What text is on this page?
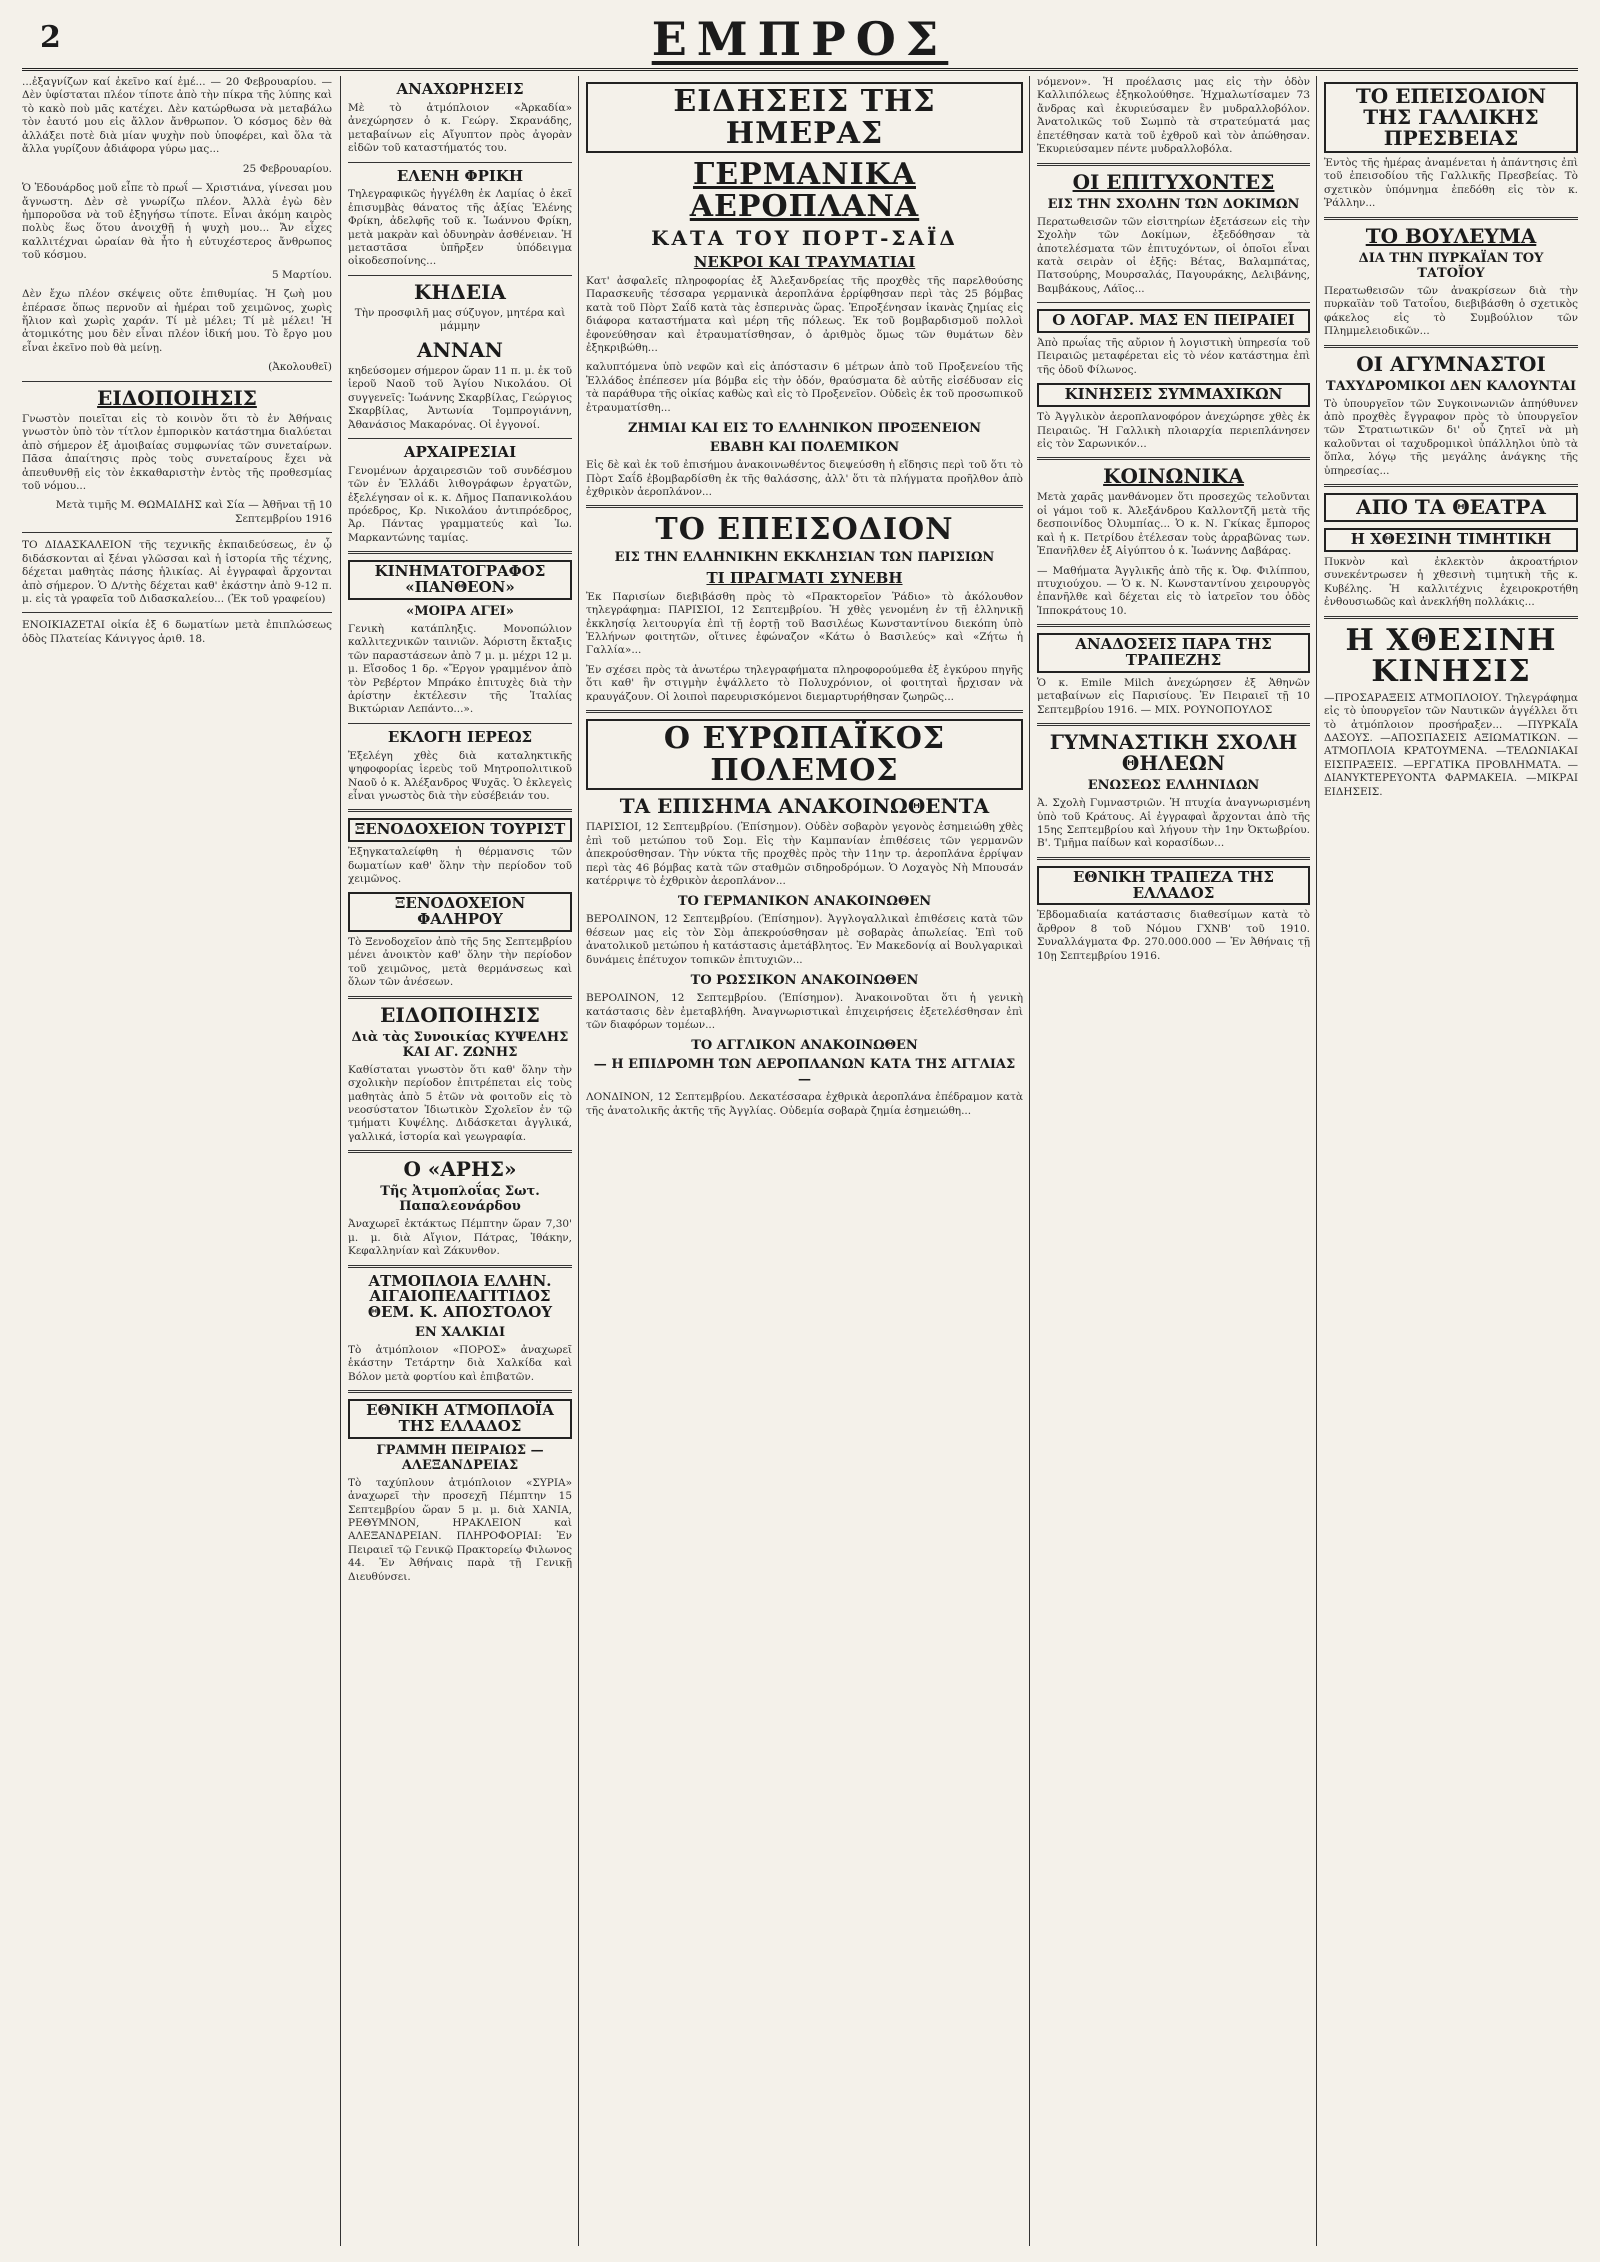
2	ΕΜΠΡΟΣ

...ἐξαγνίζων καί ἐκεῖνο καί ἐμέ... — 20 Φεβρουαρίου. — Δὲν ὑφίσταται πλέον τίποτε ἀπὸ τὴν πίκρα τῆς λύπης καὶ τὸ κακὸ ποὺ μᾶς κατέχει. Δὲν κατώρθωσα νὰ μεταβάλω τὸν ἑαυτό μου εἰς ἄλλον ἄνθρωπον. Ὁ κόσμος δὲν θὰ ἀλλάξει ποτὲ διὰ μίαν ψυχὴν ποὺ ὑποφέρει, καὶ ὅλα τὰ ἄλλα γυρίζουν ἀδιάφορα γύρω μας...

25 Φεβρουαρίου.

Ὁ Ἐδουάρδος μοῦ εἶπε τὸ πρωΐ — Χριστιάνα, γίνεσαι μου ἄγνωστη. Δὲν σὲ γνωρίζω πλέον. Ἀλλὰ ἐγὼ δὲν ἠμποροῦσα νὰ τοῦ ἐξηγήσω τίποτε. Εἶναι ἀκόμη καιρὸς πολὺς ἕως ὅτου ἀνοιχθῇ ἡ ψυχὴ μου... Ἄν εἶχες καλλιτέχναι ὠραίαν θὰ ἦτο ἡ εὐτυχέστερος ἄνθρωπος τοῦ κόσμου.

5 Μαρτίου.

Δὲν ἔχω πλέον σκέψεις οὔτε ἐπιθυμίας. Ἡ ζωὴ μου ἐπέρασε ὅπως περνοῦν αἱ ἡμέραι τοῦ χειμῶνος, χωρὶς ἥλιον καὶ χωρὶς χαράν. Τί μὲ μέλει; Τί μὲ μέλει! Ἡ ἀτομικότης μου δὲν εἶναι πλέον ἰδική μου. Τὸ ἔργο μου εἶναι ἐκεῖνο ποὺ θὰ μείνῃ.

(Ἀκολουθεῖ)

ΕΙΔΟΠΟΙΗΣΙΣ

Γνωστὸν ποιεῖται εἰς τὸ κοινὸν ὅτι τὸ ἐν Ἀθήναις γνωστὸν ὑπὸ τὸν τίτλον ἐμπορικὸν κατάστημα διαλύεται ἀπὸ σήμερον ἐξ ἀμοιβαίας συμφωνίας τῶν συνεταίρων. Πᾶσα ἀπαίτησις πρὸς τοὺς συνεταίρους ἔχει νὰ ἀπευθυνθῇ εἰς τὸν ἐκκαθαριστὴν ἐντὸς τῆς προθεσμίας τοῦ νόμου...

Μετὰ τιμῆς Μ. ΘΩΜΑΙΔΗΣ καὶ Σία — Ἀθῆναι τῇ 10 Σεπτεμβρίου 1916

ΤΟ ΔΙΔΑΣΚΑΛΕΙΟΝ τῆς τεχνικῆς ἐκπαιδεύσεως, ἐν ᾧ διδάσκονται αἱ ξέναι γλῶσσαι καὶ ἡ ἱστορία τῆς τέχνης, δέχεται μαθητὰς πάσης ἡλικίας. Αἱ ἐγγραφαὶ ἄρχονται ἀπὸ σήμερον. Ὁ Δ/ντὴς δέχεται καθ' ἑκάστην ἀπὸ 9-12 π. μ. εἰς τὰ γραφεῖα τοῦ Διδασκαλείου... (Ἐκ τοῦ γραφείου)

ΕΝΟΙΚΙΑΖΕΤΑΙ οἰκία ἐξ 6 δωματίων μετὰ ἐπιπλώσεως ὁδὸς Πλατείας Κάνιγγος ἀριθ. 18.

ΑΝΑΧΩΡΗΣΕΙΣ

Μὲ τὸ ἀτμόπλοιον «Ἀρκαδία» ἀνεχώρησεν ὁ κ. Γεώργ. Σκρανάδης, μεταβαίνων εἰς Αἴγυπτον πρὸς ἀγορὰν εἰδῶν τοῦ καταστήματός του.

ΕΛΕΝΗ ΦΡΙΚΗ

Τηλεγραφικῶς ἠγγέλθη ἐκ Λαμίας ὁ ἐκεῖ ἐπισυμβὰς θάνατος τῆς ἀξίας Ἑλένης Φρίκη, ἀδελφῆς τοῦ κ. Ἰωάννου Φρίκη, μετὰ μακρὰν καὶ ὀδυνηρὰν ἀσθένειαν. Ἡ μεταστᾶσα ὑπῆρξεν ὑπόδειγμα οἰκοδεσποίνης...

ΚΗΔΕΙΑ

Τὴν προσφιλῆ μας σύζυγον, μητέρα καὶ μάμμην

ΑΝΝΑΝ

κηδεύσομεν σήμερον ὥραν 11 π. μ. ἐκ τοῦ ἱεροῦ Ναοῦ τοῦ Ἁγίου Νικολάου. Οἱ συγγενεῖς: Ἰωάννης Σκαρβίλας, Γεώργιος Σκαρβίλας, Ἀντωνία Τομπρογιάννη, Ἀθανάσιος Μακαρόνας. Οἱ ἐγγονοί.

ΑΡΧΑΙΡΕΣΙΑΙ

Γενομένων ἀρχαιρεσιῶν τοῦ συνδέσμου τῶν ἐν Ἑλλάδι λιθογράφων ἐργατῶν, ἐξελέγησαν οἱ κ. κ. Δῆμος Παπανικολάου πρόεδρος, Κρ. Νικολάου ἀντιπρόεδρος, Ἀρ. Πάντας γραμματεύς καὶ Ἰω. Μαρκαντώνης ταμίας.

ΚΙΝΗΜΑΤΟΓΡΑΦΟΣ «ΠΑΝΘΕΟΝ»
«ΜΟΙΡΑ ΑΓΕΙ»

Γενικὴ κατάπληξις. Μονοπώλιον καλλιτεχνικῶν ταινιῶν. Ἀόριστη ἔκταξις τῶν παραστάσεων ἀπὸ 7 μ. μ. μέχρι 12 μ. μ. Εἴσοδος 1 δρ. «Ἔργον γραμμένον ἀπὸ τὸν Ρεβέρτον Μπράκο ἐπιτυχὲς διὰ τὴν ἀρίστην ἐκτέλεσιν τῆς Ἰταλίας Βικτώριαν Λεπάντο...».

ΕΚΛΟΓΗ ΙΕΡΕΩΣ

Ἐξελέγη χθὲς διὰ καταληκτικῆς ψηφοφορίας ἱερεὺς τοῦ Μητροπολιτικοῦ Ναοῦ ὁ κ. Ἀλέξανδρος Ψυχᾶς. Ὁ ἐκλεγεὶς εἶναι γνωστὸς διὰ τὴν εὐσέβειάν του.

ΞΕΝΟΔΟΧΕΙΟΝ ΤΟΥΡΙΣΤ

Ἐξηγκαταλείφθη ἡ θέρμανσις τῶν δωματίων καθ' ὅλην τὴν περίοδον τοῦ χειμῶνος.

ΞΕΝΟΔΟΧΕΙΟΝ ΦΑΛΗΡΟΥ

Τὸ Ξενοδοχεῖον ἀπὸ τῆς 5ης Σεπτεμβρίου μένει ἀνοικτὸν καθ' ὅλην τὴν περίοδον τοῦ χειμῶνος, μετὰ θερμάνσεως καὶ ὅλων τῶν ἀνέσεων.

ΕΙΔΟΠΟΙΗΣΙΣ
Διὰ τὰς Συνοικίας ΚΥΨΕΛΗΣ ΚΑΙ ΑΓ. ΖΩΝΗΣ

Καθίσταται γνωστὸν ὅτι καθ' ὅλην τὴν σχολικὴν περίοδον ἐπιτρέπεται εἰς τοὺς μαθητὰς ἀπὸ 5 ἐτῶν νὰ φοιτοῦν εἰς τὸ νεοσύστατον Ἰδιωτικὸν Σχολεῖον ἐν τῷ τμήματι Κυψέλης. Διδάσκεται ἀγγλικά, γαλλικά, ἱστορία καὶ γεωγραφία.

Ο «ΑΡΗΣ»
Τῆς Ἀτμοπλοΐας Σωτ. Παπαλεονάρδου

Ἀναχωρεῖ ἐκτάκτως Πέμπτην ὥραν 7,30' μ. μ. διὰ Αἴγιον, Πάτρας, Ἰθάκην, Κεφαλληνίαν καὶ Ζάκυνθον.

ΑΤΜΟΠΛΟΙΑ ΕΛΛΗΝ. ΑΙΓΑΙΟΠΕΛΑΓΙΤΙΔΟΣ ΘΕΜ. Κ. ΑΠΟΣΤΟΛΟΥ
ΕΝ ΧΑΛΚΙΔΙ

Τὸ ἀτμόπλοιον «ΠΟΡΟΣ» ἀναχωρεῖ ἑκάστην Τετάρτην διὰ Χαλκίδα καὶ Βόλον μετὰ φορτίου καὶ ἐπιβατῶν.

ΕΘΝΙΚΗ ΑΤΜΟΠΛΟΪΑ ΤΗΣ ΕΛΛΑΔΟΣ
ΓΡΑΜΜΗ ΠΕΙΡΑΙΩΣ — ΑΛΕΞΑΝΔΡΕΙΑΣ

Τὸ ταχύπλουν ἀτμόπλοιον «ΣΥΡΙΑ» ἀναχωρεῖ τὴν προσεχῆ Πέμπτην 15 Σεπτεμβρίου ὥραν 5 μ. μ. διὰ ΧΑΝΙΑ, ΡΕΘΥΜΝΟΝ, ΗΡΑΚΛΕΙΟΝ καὶ ΑΛΕΞΑΝΔΡΕΙΑΝ. ΠΛΗΡΟΦΟΡΙΑΙ: Ἐν Πειραιεῖ τῷ Γενικῷ Πρακτορείῳ Φιλωνος 44. Ἐν Ἀθήναις παρὰ τῇ Γενικῇ Διευθύνσει.

ΕΙΔΗΣΕΙΣ ΤΗΣ ΗΜΕΡΑΣ
ΓΕΡΜΑΝΙΚΑ ΑΕΡΟΠΛΑΝΑ
ΚΑΤΑ ΤΟΥ ΠΟΡΤ-ΣΑΪΔ
ΝΕΚΡΟΙ ΚΑΙ ΤΡΑΥΜΑΤΙΑΙ

Κατ' ἀσφαλεῖς πληροφορίας ἐξ Ἀλεξανδρείας τῆς προχθὲς τῆς παρελθούσης Παρασκευῆς τέσσαρα γερμανικὰ ἀεροπλάνα ἐρρίφθησαν περὶ τὰς 25 βόμβας κατὰ τοῦ Πὸρτ Σαΐδ κατὰ τὰς ἐσπερινὰς ὥρας. Ἐπροξένησαν ἱκανὰς ζημίας εἰς διάφορα καταστήματα καὶ μέρη τῆς πόλεως. Ἐκ τοῦ βομβαρδισμοῦ πολλοὶ ἐφονεύθησαν καὶ ἐτραυματίσθησαν, ὁ ἀριθμὸς ὅμως τῶν θυμάτων δὲν ἐξηκριβώθη...

καλυπτόμενα ὑπὸ νεφῶν καὶ εἰς ἀπόστασιν 6 μέτρων ἀπὸ τοῦ Προξενείου τῆς Ἑλλάδος ἐπέπεσεν μία βόμβα εἰς τὴν ὁδόν, θραύσματα δὲ αὐτῆς εἰσέδυσαν εἰς τὰ παράθυρα τῆς οἰκίας καθὼς καὶ εἰς τὸ Προξενεῖον. Οὐδεὶς ἐκ τοῦ προσωπικοῦ ἐτραυματίσθη...

ΖΗΜΙΑΙ ΚΑΙ ΕΙΣ ΤΟ ΕΛΛΗΝΙΚΟΝ ΠΡΟΞΕΝΕΙΟΝ
ΕΒΑΒΗ ΚΑΙ ΠΟΛΕΜΙΚΟΝ

Εἰς δὲ καὶ ἐκ τοῦ ἐπισήμου ἀνακοινωθέντος διεψεύσθη ἡ εἴδησις περὶ τοῦ ὅτι τὸ Πὸρτ Σαΐδ ἐβομβαρδίσθη ἐκ τῆς θαλάσσης, ἀλλ' ὅτι τὰ πλήγματα προῆλθον ἀπὸ ἐχθρικὸν ἀεροπλάνον...

ΤΟ ΕΠΕΙΣΟΔΙΟΝ
ΕΙΣ ΤΗΝ ΕΛΛΗΝΙΚΗΝ ΕΚΚΛΗΣΙΑΝ ΤΩΝ ΠΑΡΙΣΙΩΝ
ΤΙ ΠΡΑΓΜΑΤΙ ΣΥΝΕΒΗ

Ἐκ Παρισίων διεβιβάσθη πρὸς τὸ «Πρακτορεῖον Ῥάδιο» τὸ ἀκόλουθον τηλεγράφημα: ΠΑΡΙΣΙΟΙ, 12 Σεπτεμβρίου. Ἡ χθὲς γενομένη ἐν τῇ ἑλληνικῇ ἐκκλησίᾳ λειτουργία ἐπὶ τῇ ἑορτῇ τοῦ Βασιλέως Κωνσταντίνου διεκόπη ὑπὸ Ἑλλήνων φοιτητῶν, οἵτινες ἐφώναζον «Κάτω ὁ Βασιλεύς» καὶ «Ζήτω ἡ Γαλλία»...

Ἐν σχέσει πρὸς τὰ ἀνωτέρω τηλεγραφήματα πληροφορούμεθα ἐξ ἐγκύρου πηγῆς ὅτι καθ' ἣν στιγμὴν ἐψάλλετο τὸ Πολυχρόνιον, οἱ φοιτηταὶ ἤρχισαν νὰ κραυγάζουν. Οἱ λοιποὶ παρευρισκόμενοι διεμαρτυρήθησαν ζωηρῶς...

Ο ΕΥΡΩΠΑΪΚΟΣ ΠΟΛΕΜΟΣ
ΤΑ ΕΠΙΣΗΜΑ ΑΝΑΚΟΙΝΩΘΕΝΤΑ

ΠΑΡΙΣΙΟΙ, 12 Σεπτεμβρίου. (Ἐπίσημον). Οὐδὲν σοβαρὸν γεγονὸς ἐσημειώθη χθὲς ἐπὶ τοῦ μετώπου τοῦ Σομ. Εἰς τὴν Καμπανίαν ἐπιθέσεις τῶν γερμανῶν ἀπεκρούσθησαν. Τὴν νύκτα τῆς προχθὲς πρὸς τὴν 11ην τρ. ἀεροπλάνα ἐρρίψαν περὶ τὰς 46 βόμβας κατὰ τῶν σταθμῶν σιδηροδρόμων. Ὁ Λοχαγὸς Νὴ Μπουσάν κατέρριψε τὸ ἐχθρικὸν ἀεροπλάνον...

ΤΟ ΓΕΡΜΑΝΙΚΟΝ ΑΝΑΚΟΙΝΩΘΕΝ

ΒΕΡΟΛΙΝΟΝ, 12 Σεπτεμβρίου. (Ἐπίσημον). Ἀγγλογαλλικαὶ ἐπιθέσεις κατὰ τῶν θέσεων μας εἰς τὸν Σὸμ ἀπεκρούσθησαν μὲ σοβαρὰς ἀπωλείας. Ἐπὶ τοῦ ἀνατολικοῦ μετώπου ἡ κατάστασις ἀμετάβλητος. Ἐν Μακεδονίᾳ αἱ Βουλγαρικαὶ δυνάμεις ἐπέτυχον τοπικῶν ἐπιτυχιῶν...

ΤΟ ΡΩΣΣΙΚΟΝ ΑΝΑΚΟΙΝΩΘΕΝ

ΒΕΡΟΛΙΝΟΝ, 12 Σεπτεμβρίου. (Ἐπίσημον). Ἀνακοινοῦται ὅτι ἡ γενικὴ κατάστασις δὲν ἐμεταβλήθη. Ἀναγνωριστικαὶ ἐπιχειρήσεις ἐξετελέσθησαν ἐπὶ τῶν διαφόρων τομέων...

ΤΟ ΑΓΓΛΙΚΟΝ ΑΝΑΚΟΙΝΩΘΕΝ
— Η ΕΠΙΔΡΟΜΗ ΤΩΝ ΑΕΡΟΠΛΑΝΩΝ ΚΑΤΑ ΤΗΣ ΑΓΓΛΙΑΣ —

ΛΟΝΔΙΝΟΝ, 12 Σεπτεμβρίου. Δεκατέσσαρα ἐχθρικὰ ἀεροπλάνα ἐπέδραμον κατὰ τῆς ἀνατολικῆς ἀκτῆς τῆς Ἀγγλίας. Οὐδεμία σοβαρὰ ζημία ἐσημειώθη...

νόμενον». Ἡ προέλασις μας εἰς τὴν ὁδὸν Καλλιπόλεως ἐξηκολούθησε. Ἠχμαλωτίσαμεν 73 ἄνδρας καὶ ἐκυριεύσαμεν ἓν μυδραλλοβόλον. Ἀνατολικῶς τοῦ Σωμπὸ τὰ στρατεύματά μας ἐπετέθησαν κατὰ τοῦ ἐχθροῦ καὶ τὸν ἀπώθησαν. Ἐκυριεύσαμεν πέντε μυδραλλοβόλα.

ΟΙ ΕΠΙΤΥΧΟΝΤΕΣ
ΕΙΣ ΤΗΝ ΣΧΟΛΗΝ ΤΩΝ ΔΟΚΙΜΩΝ

Περατωθεισῶν τῶν εἰσιτηρίων ἐξετάσεων εἰς τὴν Σχολὴν τῶν Δοκίμων, ἐξεδόθησαν τὰ ἀποτελέσματα τῶν ἐπιτυχόντων, οἱ ὁποῖοι εἶναι κατὰ σειρὰν οἱ ἑξῆς: Βέτας, Βαλαμπάτας, Πατσούρης, Μουρσαλάς, Παγουράκης, Δελιβάνης, Βαμβάκους, Λάϊος...

Ο ΛΟΓΑΡ. ΜΑΣ ΕΝ ΠΕΙΡΑΙΕΙ

Ἀπὸ πρωΐας τῆς αὔριον ἡ λογιστικὴ ὑπηρεσία τοῦ Πειραιῶς μεταφέρεται εἰς τὸ νέον κατάστημα ἐπὶ τῆς ὁδοῦ Φίλωνος.

ΚΙΝΗΣΕΙΣ ΣΥΜΜΑΧΙΚΩΝ

Τὸ Ἀγγλικὸν ἀεροπλανοφόρον ἀνεχώρησε χθὲς ἐκ Πειραιῶς. Ἡ Γαλλικὴ πλοιαρχία περιεπλάνησεν εἰς τὸν Σαρωνικόν...

ΚΟΙΝΩΝΙΚΑ

Μετὰ χαρᾶς μανθάνομεν ὅτι προσεχῶς τελοῦνται οἱ γάμοι τοῦ κ. Ἀλεξάνδρου Καλλοντζῆ μετὰ τῆς δεσποινίδος Ὀλυμπίας... Ὁ κ. Ν. Γκίκας ἔμπορος καὶ ἡ κ. Πετρίδου ἐτέλεσαν τοὺς ἀρραβῶνας των. Ἐπανῆλθεν ἐξ Αἰγύπτου ὁ κ. Ἰωάννης Δαβάρας.

— Μαθήματα Ἀγγλικῆς ἀπὸ τῆς κ. Ὀφ. Φιλίππου, πτυχιούχου. — Ὁ κ. Ν. Κωνσταντίνου χειρουργὸς ἐπανῆλθε καὶ δέχεται εἰς τὸ ἰατρεῖον του ὁδὸς Ἱπποκράτους 10.

ΑΝΑΔΟΣΕΙΣ ΠΑΡΑ ΤΗΣ ΤΡΑΠΕΖΗΣ

Ὁ κ. Emile Milch ἀνεχώρησεν ἐξ Ἀθηνῶν μεταβαίνων εἰς Παρισίους. Ἐν Πειραιεῖ τῇ 10 Σεπτεμβρίου 1916. — ΜΙΧ. ΡΟΥΝΟΠΟΥΛΟΣ

ΓΥΜΝΑΣΤΙΚΗ ΣΧΟΛΗ ΘΗΛΕΩΝ
ΕΝΩΣΕΩΣ ΕΛΛΗΝΙΔΩΝ

Ἀ. Σχολὴ Γυμναστριῶν. Ἡ πτυχία ἀναγνωρισμένη ὑπὸ τοῦ Κράτους. Αἱ ἐγγραφαὶ ἄρχονται ἀπὸ τῆς 15ης Σεπτεμβρίου καὶ λήγουν τὴν 1ην Ὀκτωβρίου. Β'. Τμῆμα παίδων καὶ κορασίδων...

ΕΘΝΙΚΗ ΤΡΑΠΕΖΑ ΤΗΣ ΕΛΛΑΔΟΣ

Ἐβδομαδιαία κατάστασις διαθεσίμων κατὰ τὸ ἄρθρον 8 τοῦ Νόμου ΓΧΝΒ' τοῦ 1910. Συναλλάγματα Φρ. 270.000.000 — Ἐν Ἀθήναις τῇ 10ῃ Σεπτεμβρίου 1916.

ΤΟ ΕΠΕΙΣΟΔΙΟΝ ΤΗΣ ΓΑΛΛΙΚΗΣ ΠΡΕΣΒΕΙΑΣ

Ἐντὸς τῆς ἡμέρας ἀναμένεται ἡ ἀπάντησις ἐπὶ τοῦ ἐπεισοδίου τῆς Γαλλικῆς Πρεσβείας. Τὸ σχετικὸν ὑπόμνημα ἐπεδόθη εἰς τὸν κ. Ῥάλλην...

ΤΟ ΒΟΥΛΕΥΜΑ
ΔΙΑ ΤΗΝ ΠΥΡΚΑΪΑΝ ΤΟΥ ΤΑΤΟΪΟΥ

Περατωθεισῶν τῶν ἀνακρίσεων διὰ τὴν πυρκαϊὰν τοῦ Τατοΐου, διεβιβάσθη ὁ σχετικὸς φάκελος εἰς τὸ Συμβούλιον τῶν Πλημμελειοδικῶν...

ΟΙ ΑΓΥΜΝΑΣΤΟΙ
ΤΑΧΥΔΡΟΜΙΚΟΙ ΔΕΝ ΚΑΛΟΥΝΤΑΙ

Τὸ ὑπουργεῖον τῶν Συγκοινωνιῶν ἀπηύθυνεν ἀπὸ προχθὲς ἔγγραφον πρὸς τὸ ὑπουργεῖον τῶν Στρατιωτικῶν δι' οὗ ζητεῖ νὰ μὴ καλοῦνται οἱ ταχυδρομικοὶ ὑπάλληλοι ὑπὸ τὰ ὅπλα, λόγῳ τῆς μεγάλης ἀνάγκης τῆς ὑπηρεσίας...

ΑΠΟ ΤΑ ΘΕΑΤΡΑ
Η ΧΘΕΣΙΝΗ ΤΙΜΗΤΙΚΗ

Πυκνὸν καὶ ἐκλεκτὸν ἀκροατήριον συνεκέντρωσεν ἡ χθεσινὴ τιμητικὴ τῆς κ. Κυβέλης. Ἡ καλλιτέχνις ἐχειροκροτήθη ἐνθουσιωδῶς καὶ ἀνεκλήθη πολλάκις...

Η ΧΘΕΣΙΝΗ ΚΙΝΗΣΙΣ

—ΠΡΟΣΑΡΑΞΕΙΣ ΑΤΜΟΠΛΟΙΟΥ. Τηλεγράφημα εἰς τὸ ὑπουργεῖον τῶν Ναυτικῶν ἀγγέλλει ὅτι τὸ ἀτμόπλοιον προσήραξεν... —ΠΥΡΚΑΪΑ ΔΑΣΟΥΣ. —ΑΠΟΣΠΑΣΕΙΣ ΑΞΙΩΜΑΤΙΚΩΝ. —ΑΤΜΟΠΛΟΙΑ ΚΡΑΤΟΥΜΕΝΑ. —ΤΕΛΩΝΙΑΚΑΙ ΕΙΣΠΡΑΞΕΙΣ. —ΕΡΓΑΤΙΚΑ ΠΡΟΒΛΗΜΑΤΑ. —ΔΙΑΝΥΚΤΕΡΕΥΟΝΤΑ ΦΑΡΜΑΚΕΙΑ. —ΜΙΚΡΑΙ ΕΙΔΗΣΕΙΣ.
